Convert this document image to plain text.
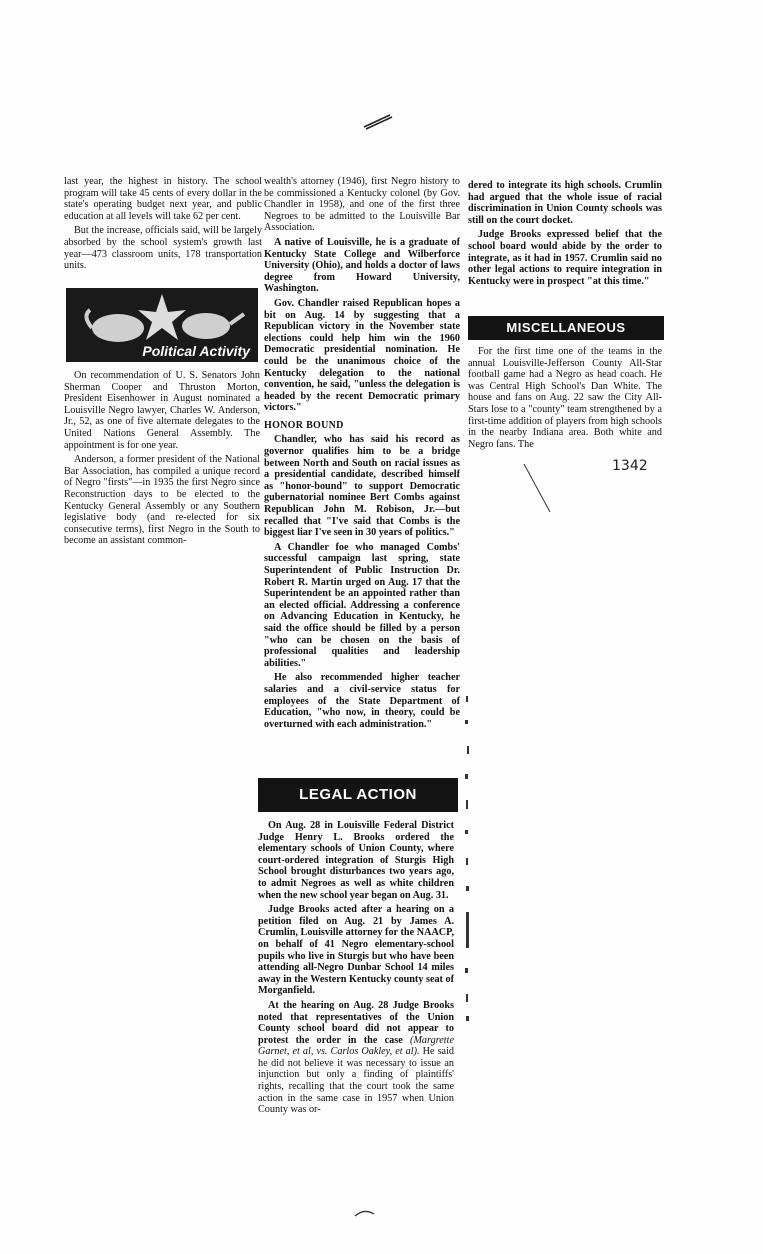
last year, the highest in history. The school program will take 45 cents of every dollar in the state's operating budget next year, and public education at all levels will take 62 per cent.

But the increase, officials said, will be largely absorbed by the school system's growth last year—473 classroom units, 178 transportation units.

Political Activity

On recommendation of U. S. Senators John Sherman Cooper and Thruston Morton, President Eisenhower in August nominated a Louisville Negro lawyer, Charles W. Anderson, Jr., 52, as one of five alternate delegates to the United Nations General Assembly. The appointment is for one year.

Anderson, a former president of the National Bar Association, has compiled a unique record of Negro "firsts"—in 1935 the first Negro since Reconstruction days to be elected to the Kentucky General Assembly or any Southern legislative body (and re-elected for six consecutive terms), first Negro in the South to become an assistant common-

wealth's attorney (1946), first Negro history to be commissioned a Kentucky colonel (by Gov. Chandler in 1958), and one of the first three Negroes to be admitted to the Louisville Bar Association.

A native of Louisville, he is a graduate of Kentucky State College and Wilberforce University (Ohio), and holds a doctor of laws degree from Howard University, Washington.

Gov. Chandler raised Republican hopes a bit on Aug. 14 by suggesting that a Republican victory in the November state elections could help him win the 1960 Democratic presidential nomination. He could be the unanimous choice of the Kentucky delegation to the national convention, he said, "unless the delegation is headed by the recent Democratic primary victors."

HONOR BOUND

Chandler, who has said his record as governor qualifies him to be a bridge between North and South on racial issues as a presidential candidate, described himself as "honor-bound" to support Democratic gubernatorial nominee Bert Combs against Republican John M. Robison, Jr.—but recalled that "I've said that Combs is the biggest liar I've seen in 30 years of politics."

A Chandler foe who managed Combs' successful campaign last spring, state Superintendent of Public Instruction Dr. Robert R. Martin urged on Aug. 17 that the Superintendent be an appointed rather than an elected official. Addressing a conference on Advancing Education in Kentucky, he said the office should be filled by a person "who can be chosen on the basis of professional qualities and leadership abilities."

He also recommended higher teacher salaries and a civil-service status for employees of the State Department of Education, "who now, in theory, could be overturned with each administration."

LEGAL ACTION

On Aug. 28 in Louisville Federal District Judge Henry L. Brooks ordered the elementary schools of Union County, where court-ordered integration of Sturgis High School brought disturbances two years ago, to admit Negroes as well as white children when the new school year began on Aug. 31.

Judge Brooks acted after a hearing on a petition filed on Aug. 21 by James A. Crumlin, Louisville attorney for the NAACP, on behalf of 41 Negro elementary-school pupils who live in Sturgis but who have been attending all-Negro Dunbar School 14 miles away in the Western Kentucky county seat of Morganfield.

At the hearing on Aug. 28 Judge Brooks noted that representatives of the Union County school board did not appear to protest the order in the case (Margrette Garnet, et al, vs. Carlos Oakley, et al). He said he did not believe it was necessary to issue an injunction but only a finding of plaintiffs' rights, recalling that the court took the same action in the same case in 1957 when Union County was or-

dered to integrate its high schools. Crumlin had argued that the whole issue of racial discrimination in Union County schools was still on the court docket.

Judge Brooks expressed belief that the school board would abide by the order to integrate, as it had in 1957. Crumlin said no other legal actions to require integration in Kentucky were in prospect "at this time."

MISCELLANEOUS

For the first time one of the teams in the annual Louisville-Jefferson County All-Star football game had a Negro as head coach. He was Central High School's Dan White. The house and fans on Aug. 22 saw the City All-Stars lose to a "county" team strengthened by a first-time addition of players from high schools in the nearby Indiana area. Both white and Negro fans. The

1342
